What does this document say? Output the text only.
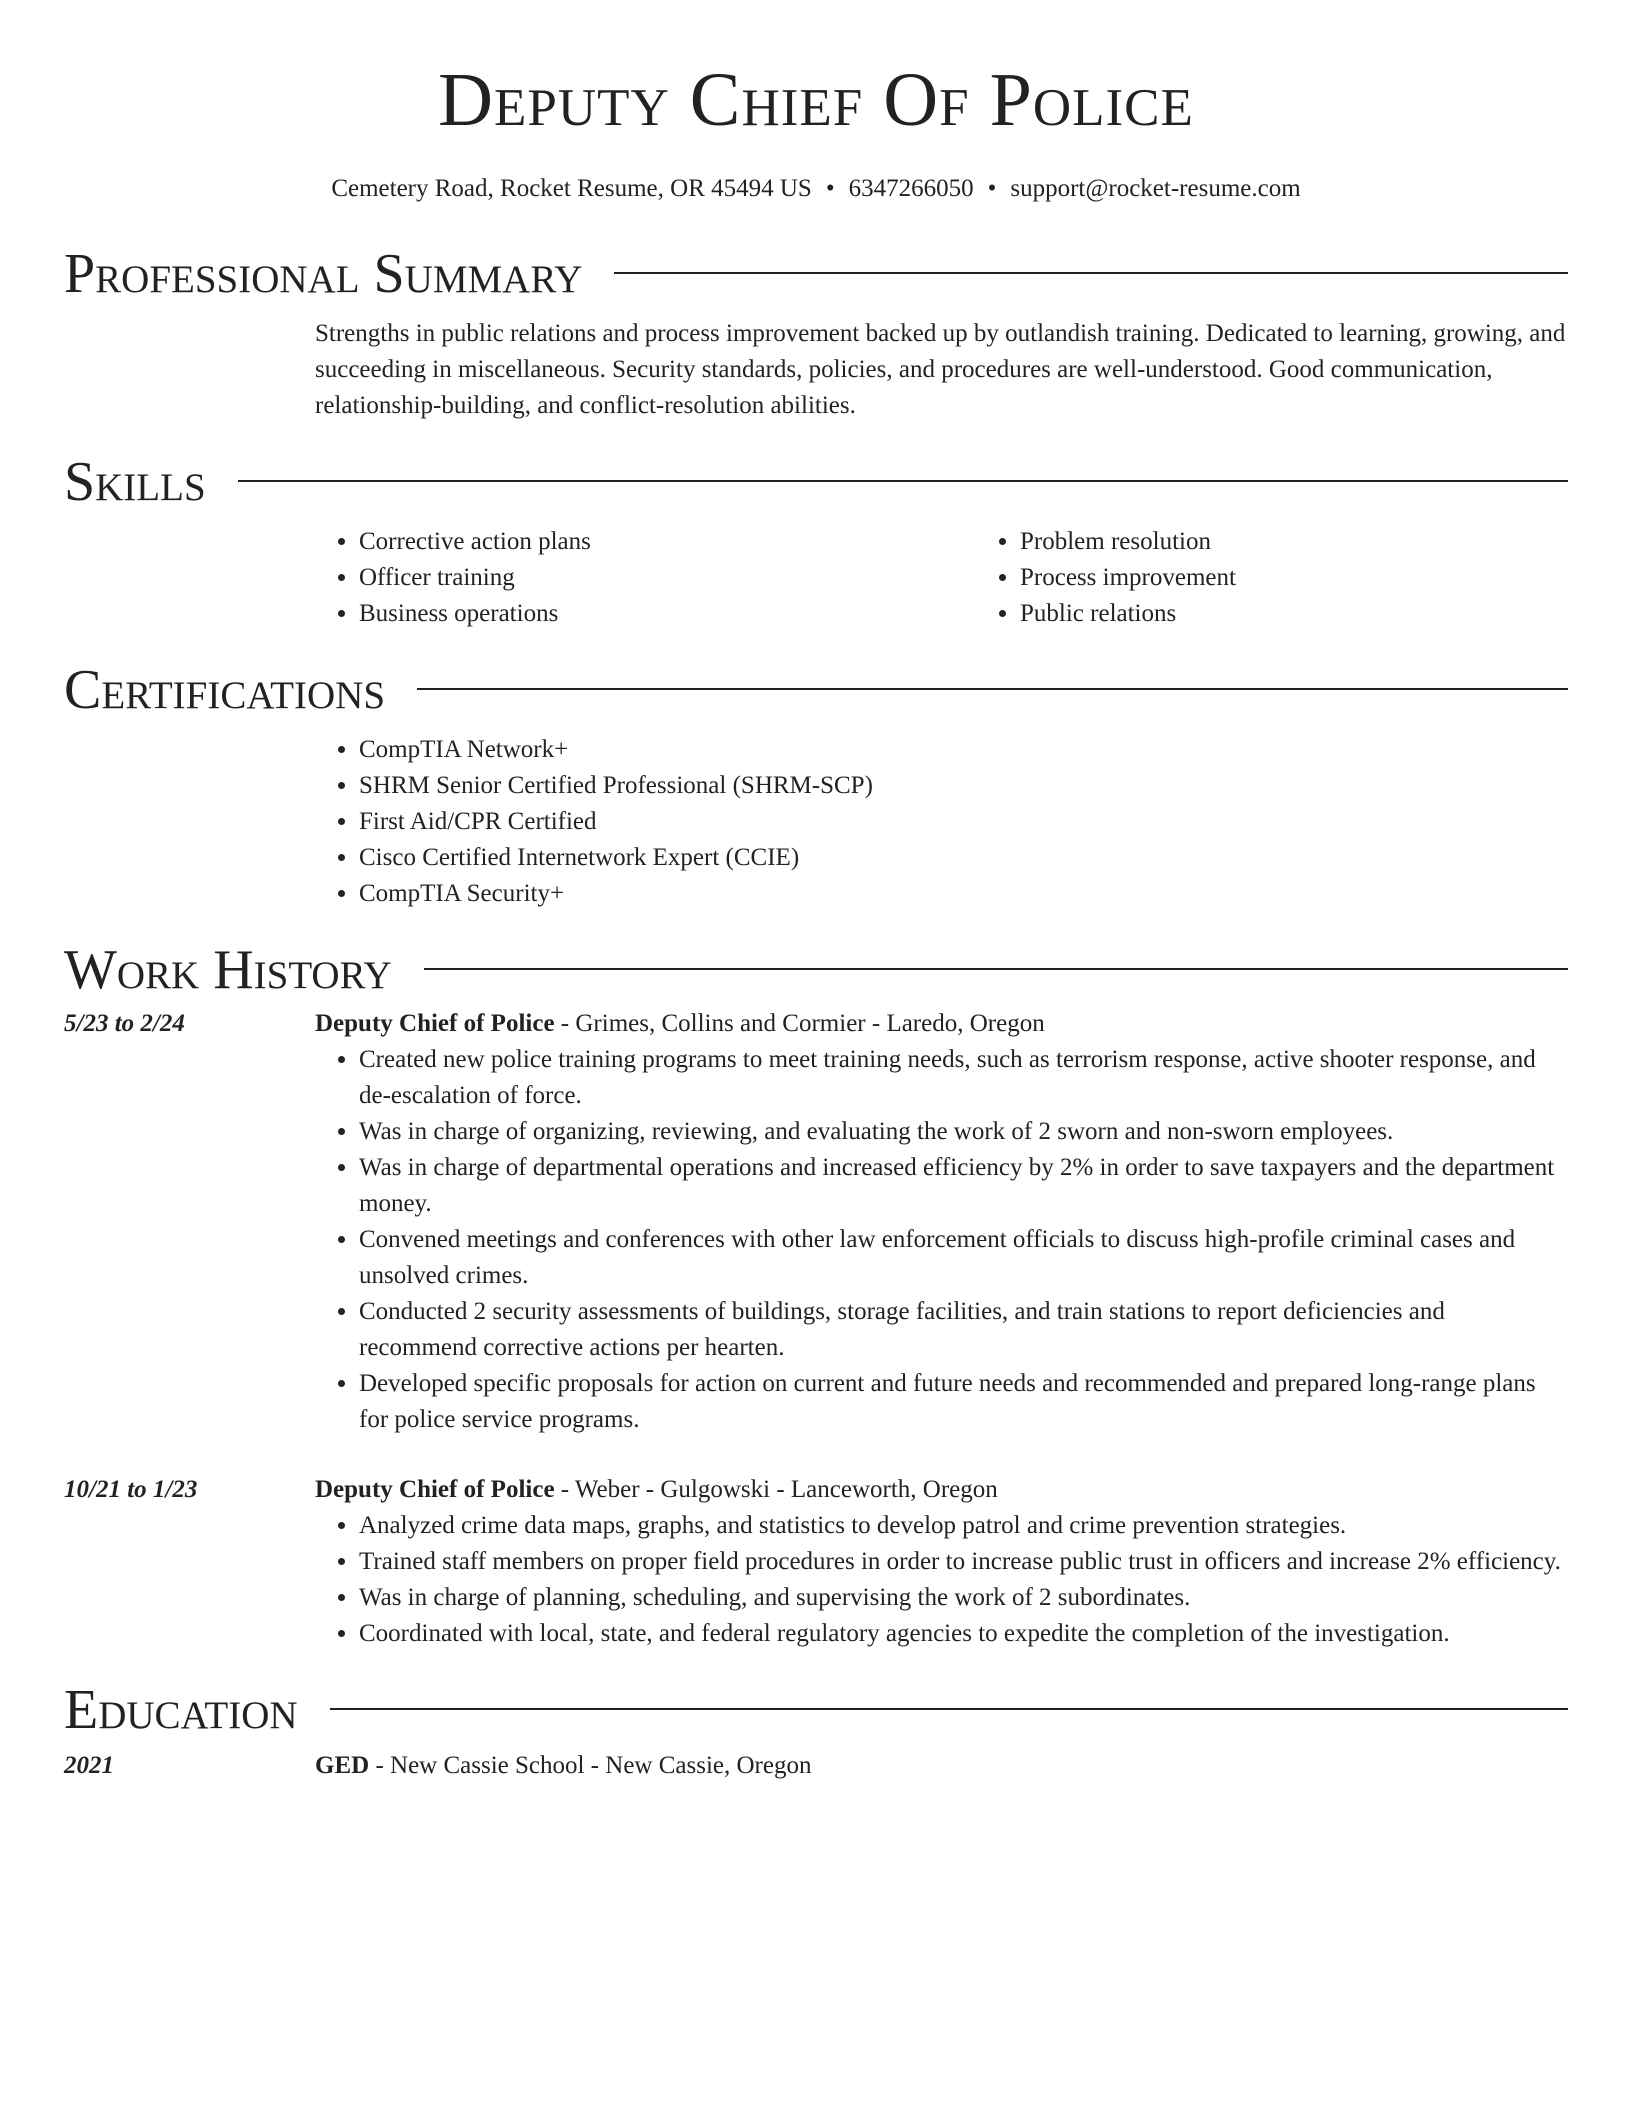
Deputy Chief Of Police
Cemetery Road, Rocket Resume, OR 45494 US • 6347266050 • support@rocket-resume.com
Professional Summary

Strengths in public relations and process improvement backed up by outlandish training. Dedicated to learning, growing, and succeeding in miscellaneous. Security standards, policies, and procedures are well-understood. Good communication, relationship-building, and conflict-resolution abilities.

Skills
• Corrective action plans
• Officer training
• Business operations
• Problem resolution
• Process improvement
• Public relations
Certifications
• CompTIA Network+
• SHRM Senior Certified Professional (SHRM-SCP)
• First Aid/CPR Certified
• Cisco Certified Internetwork Expert (CCIE)
• CompTIA Security+
Work History
5/23 to 2/24	Deputy Chief of Police - Grimes, Collins and Cormier - Laredo, Oregon
• Created new police training programs to meet training needs, such as terrorism response, active shooter response, and de-escalation of force.
• Was in charge of organizing, reviewing, and evaluating the work of 2 sworn and non-sworn employees.
• Was in charge of departmental operations and increased efficiency by 2% in order to save taxpayers and the department money.
• Convened meetings and conferences with other law enforcement officials to discuss high-profile criminal cases and unsolved crimes.
• Conducted 2 security assessments of buildings, storage facilities, and train stations to report deficiencies and recommend corrective actions per hearten.
• Developed specific proposals for action on current and future needs and recommended and prepared long-range plans for police service programs.
10/21 to 1/23	Deputy Chief of Police - Weber - Gulgowski - Lanceworth, Oregon
• Analyzed crime data maps, graphs, and statistics to develop patrol and crime prevention strategies.
• Trained staff members on proper field procedures in order to increase public trust in officers and increase 2% efficiency.
• Was in charge of planning, scheduling, and supervising the work of 2 subordinates.
• Coordinated with local, state, and federal regulatory agencies to expedite the completion of the investigation.
Education
2021	GED - New Cassie School - New Cassie, Oregon
